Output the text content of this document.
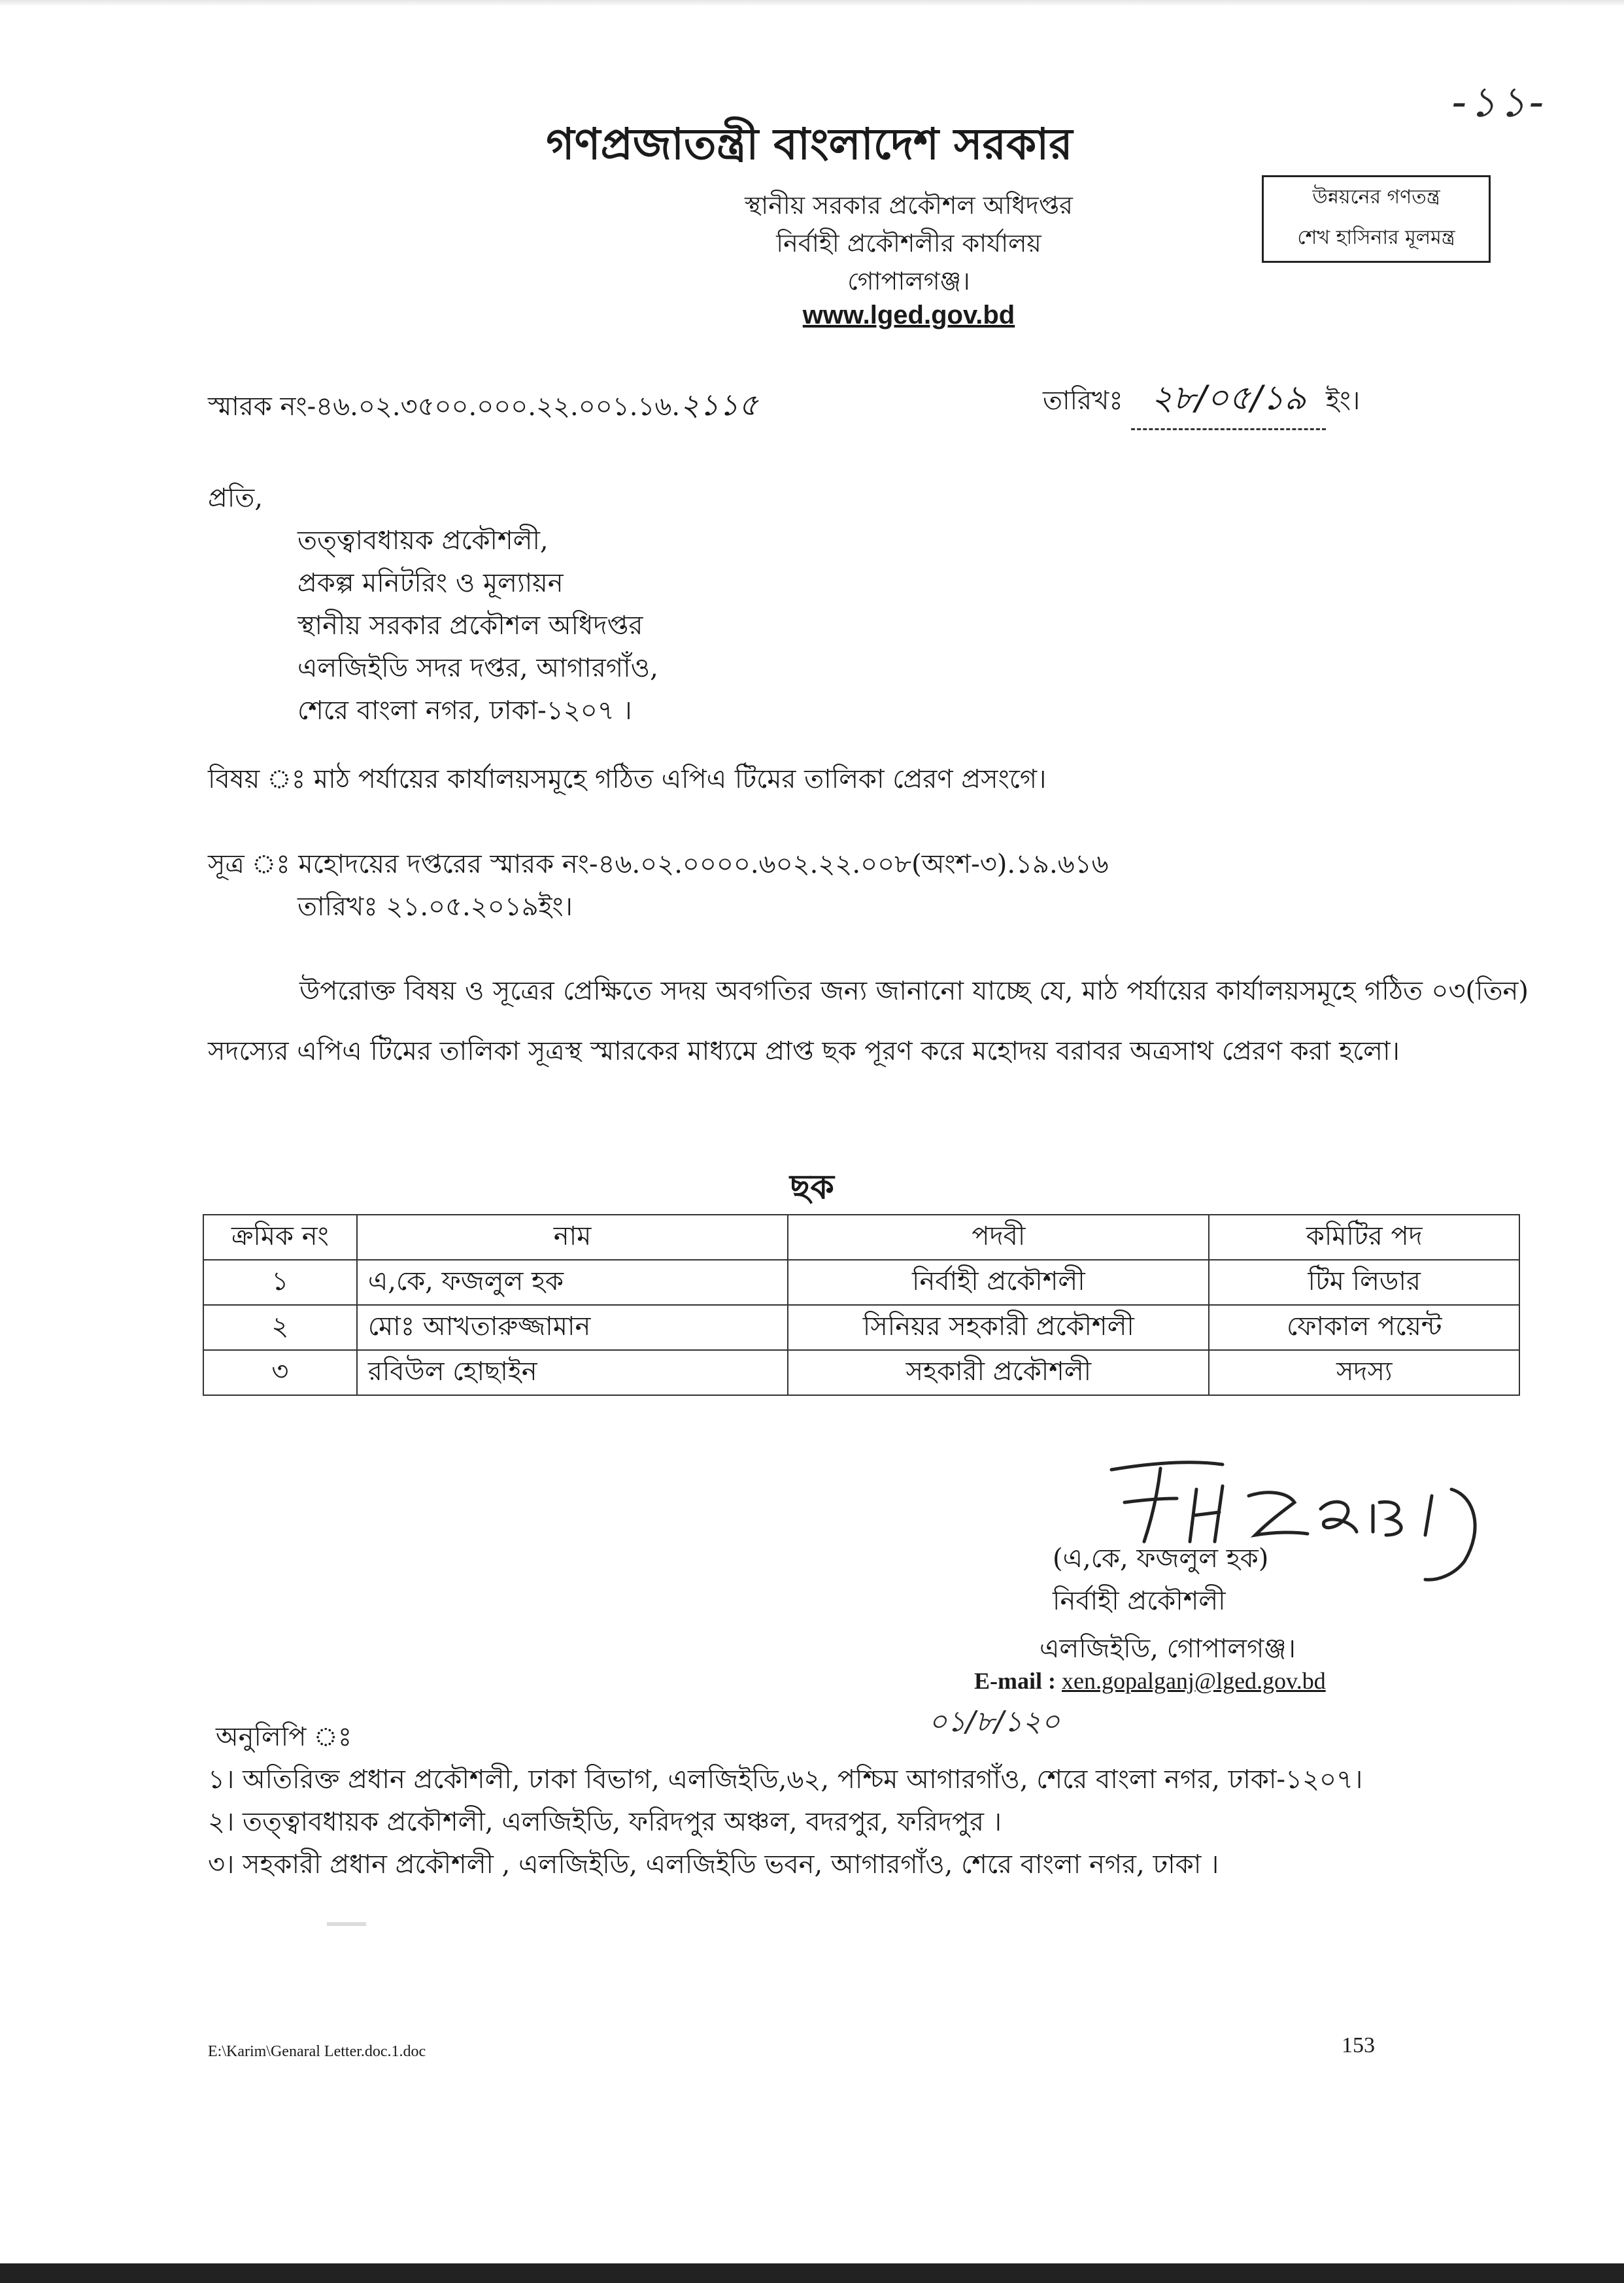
-১১-
গণপ্রজাতন্ত্রী বাংলাদেশ সরকার
স্থানীয় সরকার প্রকৌশল অধিদপ্তর
নির্বাহী প্রকৌশলীর কার্যালয়
গোপালগঞ্জ।
www.lged.gov.bd
উন্নয়নের গণতন্ত্র
শেখ হাসিনার মূলমন্ত্র
স্মারক নং-৪৬.০২.৩৫০০.০০০.২২.০০১.১৬.২১১৫	তারিখঃ ২৮/০৫/১৯ ইং।
প্রতি,
তত্ত্বাবধায়ক প্রকৌশলী,
প্রকল্প মনিটরিং ও মূল্যায়ন
স্থানীয় সরকার প্রকৌশল অধিদপ্তর
এলজিইডি সদর দপ্তর, আগারগাঁও,
শেরে বাংলা নগর, ঢাকা-১২০৭ ।
বিষয় ঃ মাঠ পর্যায়ের কার্যালয়সমূহে গঠিত এপিএ টিমের তালিকা প্রেরণ প্রসংগে।
সূত্র ঃ মহোদয়ের দপ্তরের স্মারক নং-৪৬.০২.০০০০.৬০২.২২.০০৮(অংশ-৩).১৯.৬১৬
তারিখঃ ২১.০৫.২০১৯ইং।
উপরোক্ত বিষয় ও সূত্রের প্রেক্ষিতে সদয় অবগতির জন্য জানানো যাচ্ছে যে, মাঠ পর্যায়ের কার্যালয়সমূহে গঠিত ০৩(তিন) সদস্যের এপিএ টিমের তালিকা সূত্রস্থ স্মারকের মাধ্যমে প্রাপ্ত ছক পূরণ করে মহোদয় বরাবর অত্রসাথ প্রেরণ করা হলো।
ছক
ক্রমিক নং	নাম	পদবী	কমিটির পদ
১	এ,কে, ফজলুল হক	নির্বাহী প্রকৌশলী	টিম লিডার
২	মোঃ আখতারুজ্জামান	সিনিয়র সহকারী প্রকৌশলী	ফোকাল পয়েন্ট
৩	রবিউল হোছাইন	সহকারী প্রকৌশলী	সদস্য
(এ,কে, ফজলুল হক)
নির্বাহী প্রকৌশলী
এলজিইডি, গোপালগঞ্জ।
E-mail : xen.gopalganj@lged.gov.bd
০১/৮/১২০
অনুলিপি ঃ
১। অতিরিক্ত প্রধান প্রকৌশলী, ঢাকা বিভাগ, এলজিইডি,৬২, পশ্চিম আগারগাঁও, শেরে বাংলা নগর, ঢাকা-১২০৭।
২। তত্ত্বাবধায়ক প্রকৌশলী, এলজিইডি, ফরিদপুর অঞ্চল, বদরপুর, ফরিদপুর ।
৩। সহকারী প্রধান প্রকৌশলী , এলজিইডি, এলজিইডি ভবন, আগারগাঁও, শেরে বাংলা নগর, ঢাকা ।
E:\Karim\Genaral Letter.doc.1.doc	153
